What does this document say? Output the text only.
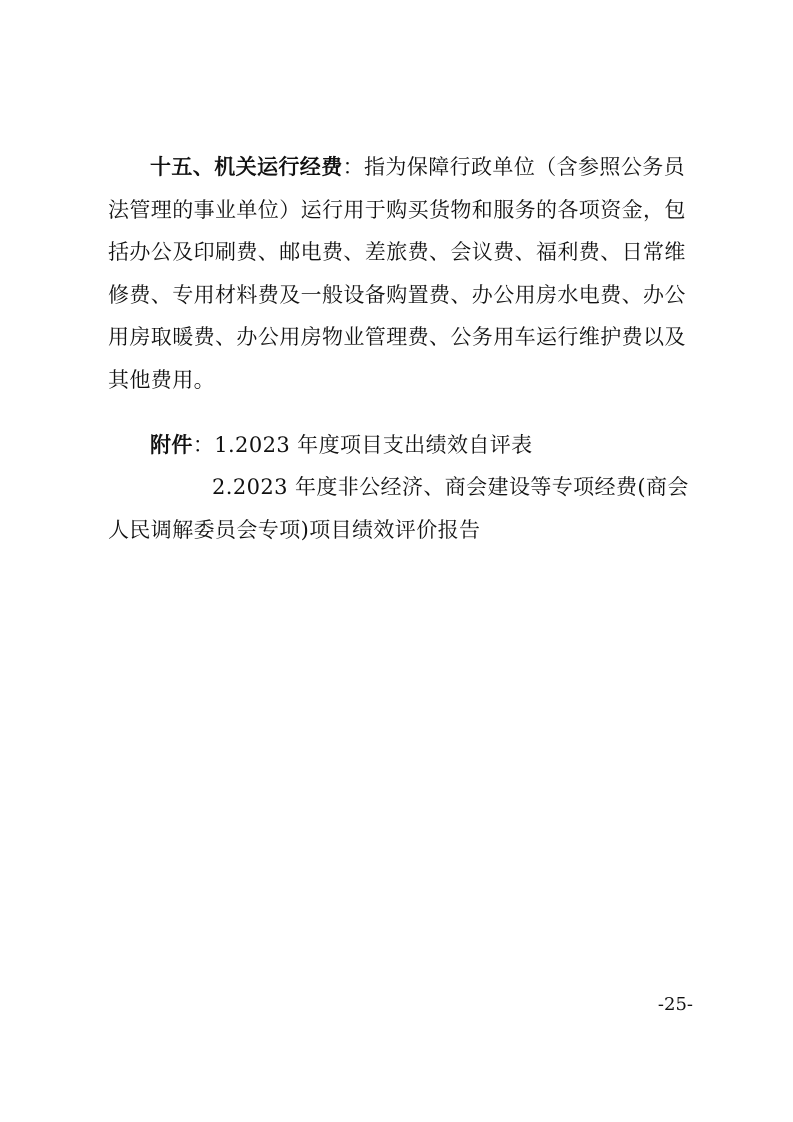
十五、机关运行经费：指为保障行政单位（含参照公务员法管理的事业单位）运行用于购买货物和服务的各项资金，包括办公及印刷费、邮电费、差旅费、会议费、福利费、日常维修费、专用材料费及一般设备购置费、办公用房水电费、办公用房取暖费、办公用房物业管理费、公务用车运行维护费以及其他费用。

附件：1.2023 年度项目支出绩效自评表

2.2023 年度非公经济、商会建设等专项经费(商会人民调解委员会专项)项目绩效评价报告

-25-
